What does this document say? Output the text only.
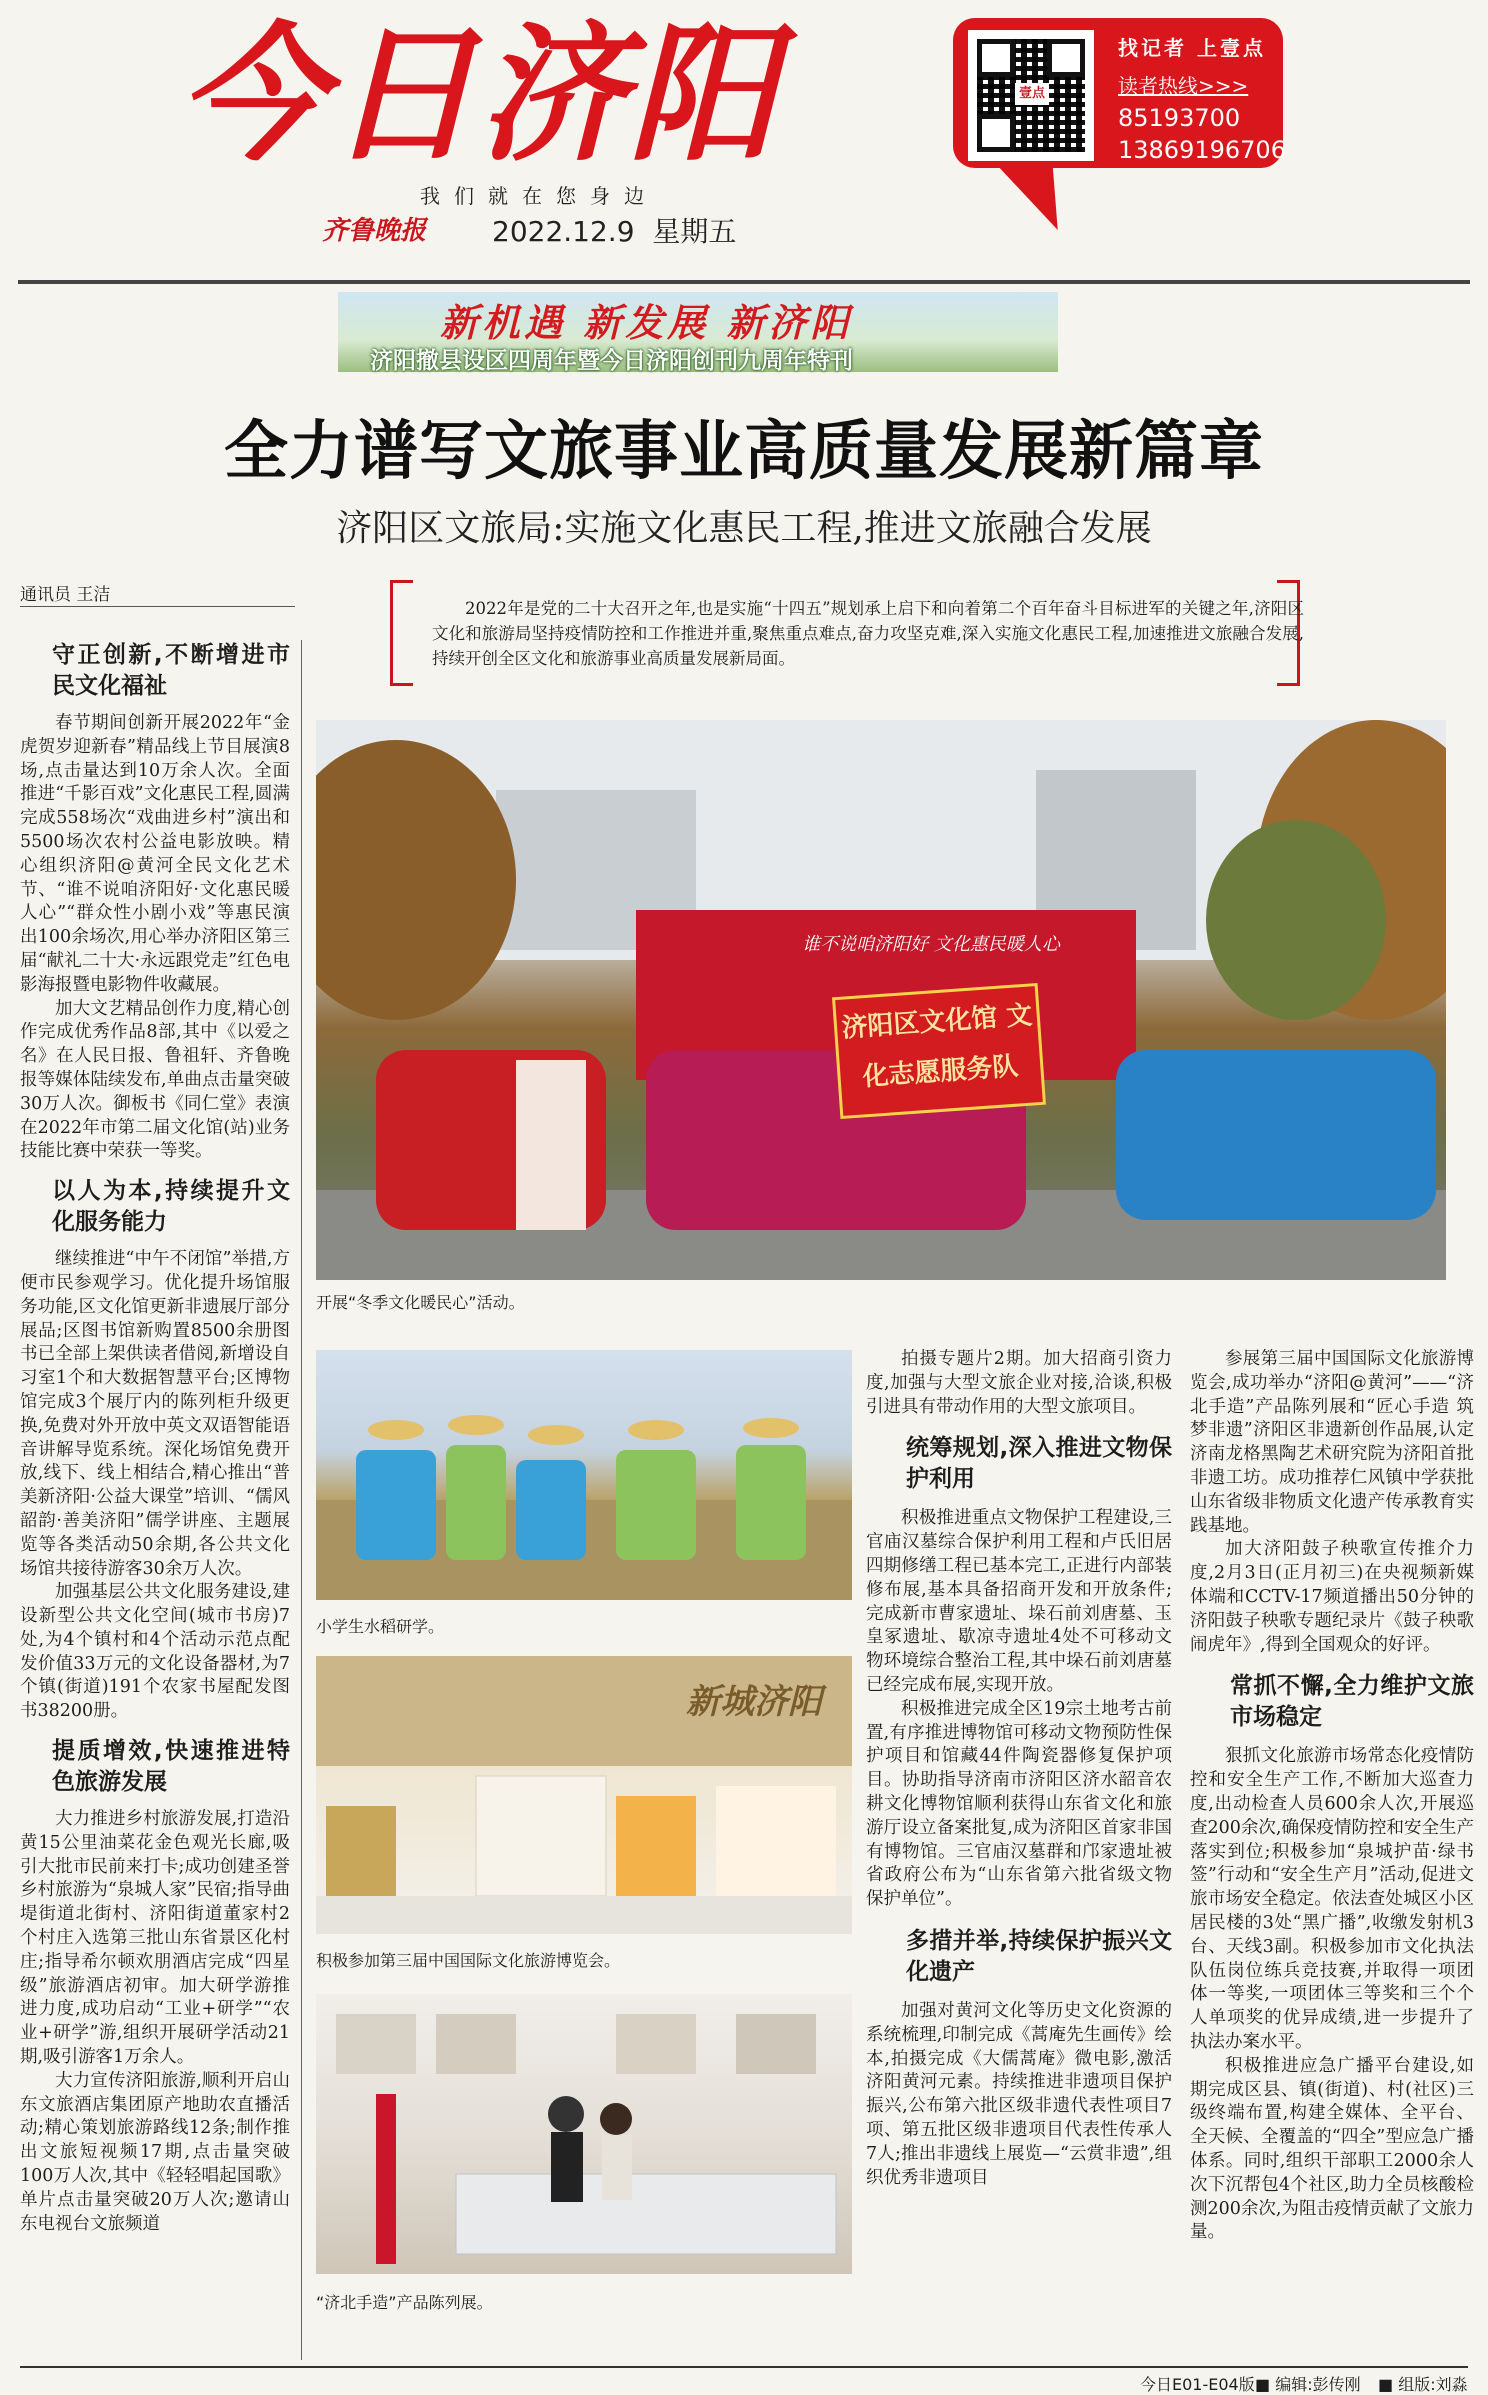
今日济阳
我们就在您身边
齐鲁晚报 2022.12.9 星期五
壹点
找记者 上壹点
读者热线>>>
85193700
13869196706
新机遇 新发展 新济阳
济阳撤县设区四周年暨今日济阳创刊九周年特刊
全力谱写文旅事业高质量发展新篇章
济阳区文旅局:实施文化惠民工程,推进文旅融合发展
通讯员 王洁
2022年是党的二十大召开之年,也是实施“十四五”规划承上启下和向着第二个百年奋斗目标进军的关键之年,济阳区文化和旅游局坚持疫情防控和工作推进并重,聚焦重点难点,奋力攻坚克难,深入实施文化惠民工程,加速推进文旅融合发展,持续开创全区文化和旅游事业高质量发展新局面。
守正创新,不断增进市民文化福祉

春节期间创新开展2022年“金虎贺岁迎新春”精品线上节目展演8场,点击量达到10万余人次。全面推进“千影百戏”文化惠民工程,圆满完成558场次“戏曲进乡村”演出和5500场次农村公益电影放映。精心组织济阳@黄河全民文化艺术节、“谁不说咱济阳好·文化惠民暖人心”“群众性小剧小戏”等惠民演出100余场次,用心举办济阳区第三届“献礼二十大·永远跟党走”红色电影海报暨电影物件收藏展。

加大文艺精品创作力度,精心创作完成优秀作品8部,其中《以爱之名》在人民日报、鲁祖轩、齐鲁晚报等媒体陆续发布,单曲点击量突破30万人次。御板书《同仁堂》表演在2022年市第二届文化馆(站)业务技能比赛中荣获一等奖。

以人为本,持续提升文化服务能力

继续推进“中午不闭馆”举措,方便市民参观学习。优化提升场馆服务功能,区文化馆更新非遗展厅部分展品;区图书馆新购置8500余册图书已全部上架供读者借阅,新增设自习室1个和大数据智慧平台;区博物馆完成3个展厅内的陈列柜升级更换,免费对外开放中英文双语智能语音讲解导览系统。深化场馆免费开放,线下、线上相结合,精心推出“普美新济阳·公益大课堂”培训、“儒风韶韵·善美济阳”儒学讲座、主题展览等各类活动50余期,各公共文化场馆共接待游客30余万人次。

加强基层公共文化服务建设,建设新型公共文化空间(城市书房)7处,为4个镇村和4个活动示范点配发价值33万元的文化设备器材,为7个镇(街道)191个农家书屋配发图书38200册。

提质增效,快速推进特色旅游发展

大力推进乡村旅游发展,打造沿黄15公里油菜花金色观光长廊,吸引大批市民前来打卡;成功创建圣誉乡村旅游为“泉城人家”民宿;指导曲堤街道北街村、济阳街道董家村2个村庄入选第三批山东省景区化村庄;指导希尔顿欢朋酒店完成“四星级”旅游酒店初审。加大研学游推进力度,成功启动“工业+研学”“农业+研学”游,组织开展研学活动21期,吸引游客1万余人。

大力宣传济阳旅游,顺利开启山东文旅酒店集团原产地助农直播活动;精心策划旅游路线12条;制作推出文旅短视频17期,点击量突破100万人次,其中《轻轻唱起国歌》单片点击量突破20万人次;邀请山东电视台文旅频道

济阳区文化馆 文化志愿服务队
谁不说咱济阳好 文化惠民暖人心
开展“冬季文化暖民心”活动。
小学生水稻研学。
新城济阳
积极参加第三届中国国际文化旅游博览会。
“济北手造”产品陈列展。

拍摄专题片2期。加大招商引资力度,加强与大型文旅企业对接,洽谈,积极引进具有带动作用的大型文旅项目。

统筹规划,深入推进文物保护利用

积极推进重点文物保护工程建设,三官庙汉墓综合保护利用工程和卢氏旧居四期修缮工程已基本完工,正进行内部装修布展,基本具备招商开发和开放条件;完成新市曹家遗址、垛石前刘唐墓、玉皇冢遗址、歇凉寺遗址4处不可移动文物环境综合整治工程,其中垛石前刘唐墓已经完成布展,实现开放。

积极推进完成全区19宗土地考古前置,有序推进博物馆可移动文物预防性保护项目和馆藏44件陶瓷器修复保护项目。协助指导济南市济阳区济水韶音农耕文化博物馆顺利获得山东省文化和旅游厅设立备案批复,成为济阳区首家非国有博物馆。三官庙汉墓群和邝家遗址被省政府公布为“山东省第六批省级文物保护单位”。

多措并举,持续保护振兴文化遗产

加强对黄河文化等历史文化资源的系统梳理,印制完成《蒿庵先生画传》绘本,拍摄完成《大儒蒿庵》微电影,激活济阳黄河元素。持续推进非遗项目保护振兴,公布第六批区级非遗代表性项目7项、第五批区级非遗项目代表性传承人7人;推出非遗线上展览—“云赏非遗”,组织优秀非遗项目

参展第三届中国国际文化旅游博览会,成功举办“济阳@黄河”——“济北手造”产品陈列展和“匠心手造 筑梦非遗”济阳区非遗新创作品展,认定济南龙格黑陶艺术研究院为济阳首批非遗工坊。成功推荐仁风镇中学获批山东省级非物质文化遗产传承教育实践基地。

加大济阳鼓子秧歌宣传推介力度,2月3日(正月初三)在央视频新媒体端和CCTV-17频道播出50分钟的济阳鼓子秧歌专题纪录片《鼓子秧歌闹虎年》,得到全国观众的好评。

常抓不懈,全力维护文旅市场稳定

狠抓文化旅游市场常态化疫情防控和安全生产工作,不断加大巡查力度,出动检查人员600余人次,开展巡查200余次,确保疫情防控和安全生产落实到位;积极参加“泉城护苗·绿书签”行动和“安全生产月”活动,促进文旅市场安全稳定。依法查处城区小区居民楼的3处“黑广播”,收缴发射机3台、天线3副。积极参加市文化执法队伍岗位练兵竞技赛,并取得一项团体一等奖,一项团体三等奖和三个个人单项奖的优异成绩,进一步提升了执法办案水平。

积极推进应急广播平台建设,如期完成区县、镇(街道)、村(社区)三级终端布置,构建全媒体、全平台、全天候、全覆盖的“四全”型应急广播体系。同时,组织干部职工2000余人次下沉帮包4个社区,助力全员核酸检测200余次,为阻击疫情贡献了文旅力量。

今日E01-E04版 ■ 编辑:彭传刚 ■ 组版:刘淼
